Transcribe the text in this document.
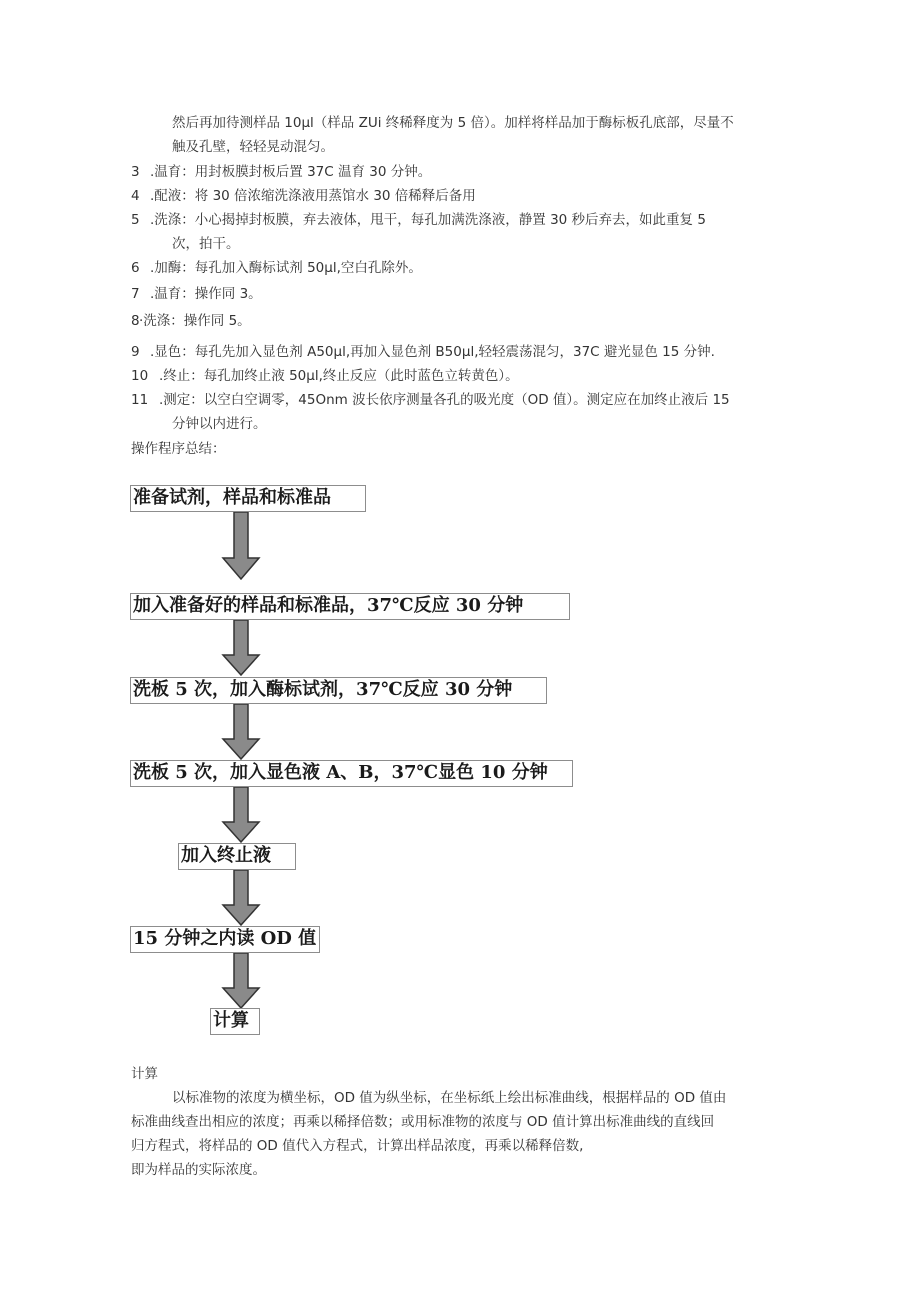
然后再加待测样品 10μl（样品 ZUi 终稀释度为 5 倍）。加样将样品加于酶标板孔底部，尽量不
触及孔壁，轻轻晃动混匀。
3 .温育：用封板膜封板后置 37C 温育 30 分钟。
4 .配液：将 30 倍浓缩洗涤液用蒸馆水 30 倍稀释后备用
5 .洗涤：小心揭掉封板膜，弃去液体，甩干，每孔加满洗涤液，静置 30 秒后弃去，如此重复 5
次，拍干。
6 .加酶：每孔加入酶标试剂 50μl,空白孔除外。
7 .温育：操作同 3。
8 ·洗涤：操作同 5。
9 .显色：每孔先加入显色剂 A50μl,再加入显色剂 B50μl,轻轻震荡混匀，37C 避光显色 15 分钟.
10 .终止：每孔加终止液 50μl,终止反应（此时蓝色立转黄色）。
11 .测定：以空白空调零，45Onm 波长依序测量各孔的吸光度（OD 值）。测定应在加终止液后 15
分钟以内进行。
操作程序总结：
准备试剂，样品和标准品
加入准备好的样品和标准品，37℃反应 30 分钟
洗板 5 次，加入酶标试剂，37℃反应 30 分钟
洗板 5 次，加入显色液 A、B，37℃显色 10 分钟
加入终止液
15 分钟之内读 OD 值
计算
计算
以标准物的浓度为横坐标，OD 值为纵坐标，在坐标纸上绘出标准曲线，根据样品的 OD 值由
标准曲线查出相应的浓度；再乘以稀择倍数；或用标准物的浓度与 OD 值计算出标准曲线的直线回
归方程式，将样品的 OD 值代入方程式，计算出样品浓度，再乘以稀释倍数,
即为样品的实际浓度。
